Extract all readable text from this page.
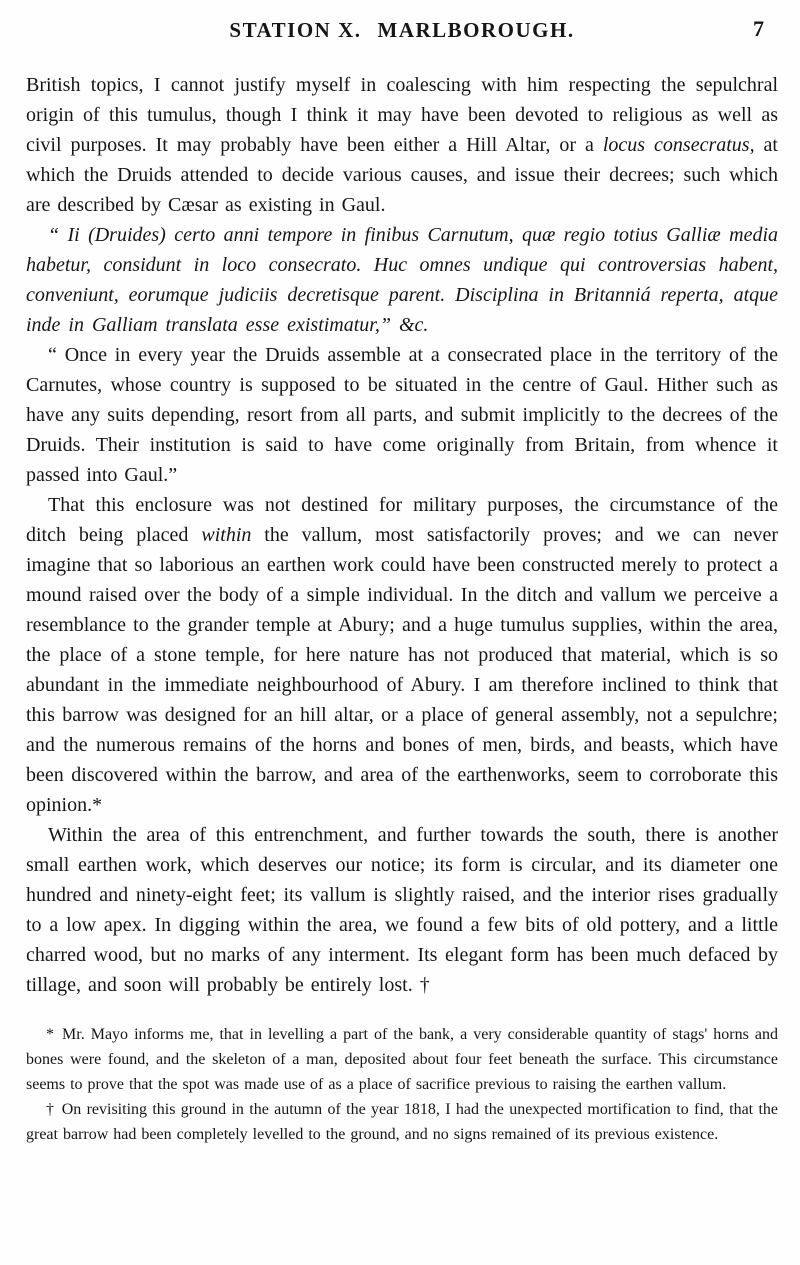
STATION X. MARLBOROUGH.	7

British topics, I cannot justify myself in coalescing with him respecting the sepulchral origin of this tumulus, though I think it may have been devoted to religious as well as civil purposes. It may probably have been either a Hill Altar, or a locus consecratus, at which the Druids attended to decide various causes, and issue their decrees; such which are described by Cæsar as existing in Gaul.

“ Ii (Druides) certo anni tempore in finibus Carnutum, quæ regio totius Galliæ media habetur, considunt in loco consecrato. Huc omnes undique qui controversias habent, conveniunt, eorumque judiciis decretisque parent. Disciplina in Britanniá reperta, atque inde in Galliam translata esse existimatur,” &c.

“ Once in every year the Druids assemble at a consecrated place in the territory of the Carnutes, whose country is supposed to be situated in the centre of Gaul. Hither such as have any suits depending, resort from all parts, and submit implicitly to the decrees of the Druids. Their institution is said to have come originally from Britain, from whence it passed into Gaul.”

That this enclosure was not destined for military purposes, the circumstance of the ditch being placed within the vallum, most satisfactorily proves; and we can never imagine that so laborious an earthen work could have been constructed merely to protect a mound raised over the body of a simple individual. In the ditch and vallum we perceive a resemblance to the grander temple at Abury; and a huge tumulus supplies, within the area, the place of a stone temple, for here nature has not produced that material, which is so abundant in the immediate neighbourhood of Abury. I am therefore inclined to think that this barrow was designed for an hill altar, or a place of general assembly, not a sepulchre; and the numerous remains of the horns and bones of men, birds, and beasts, which have been discovered within the barrow, and area of the earthenworks, seem to corroborate this opinion.*

Within the area of this entrenchment, and further towards the south, there is another small earthen work, which deserves our notice; its form is circular, and its diameter one hundred and ninety-eight feet; its vallum is slightly raised, and the interior rises gradually to a low apex. In digging within the area, we found a few bits of old pottery, and a little charred wood, but no marks of any interment. Its elegant form has been much defaced by tillage, and soon will probably be entirely lost. †

* Mr. Mayo informs me, that in levelling a part of the bank, a very considerable quantity of stags' horns and bones were found, and the skeleton of a man, deposited about four feet beneath the surface. This circumstance seems to prove that the spot was made use of as a place of sacrifice previous to raising the earthen vallum.

† On revisiting this ground in the autumn of the year 1818, I had the unexpected mortification to find, that the great barrow had been completely levelled to the ground, and no signs remained of its previous existence.
